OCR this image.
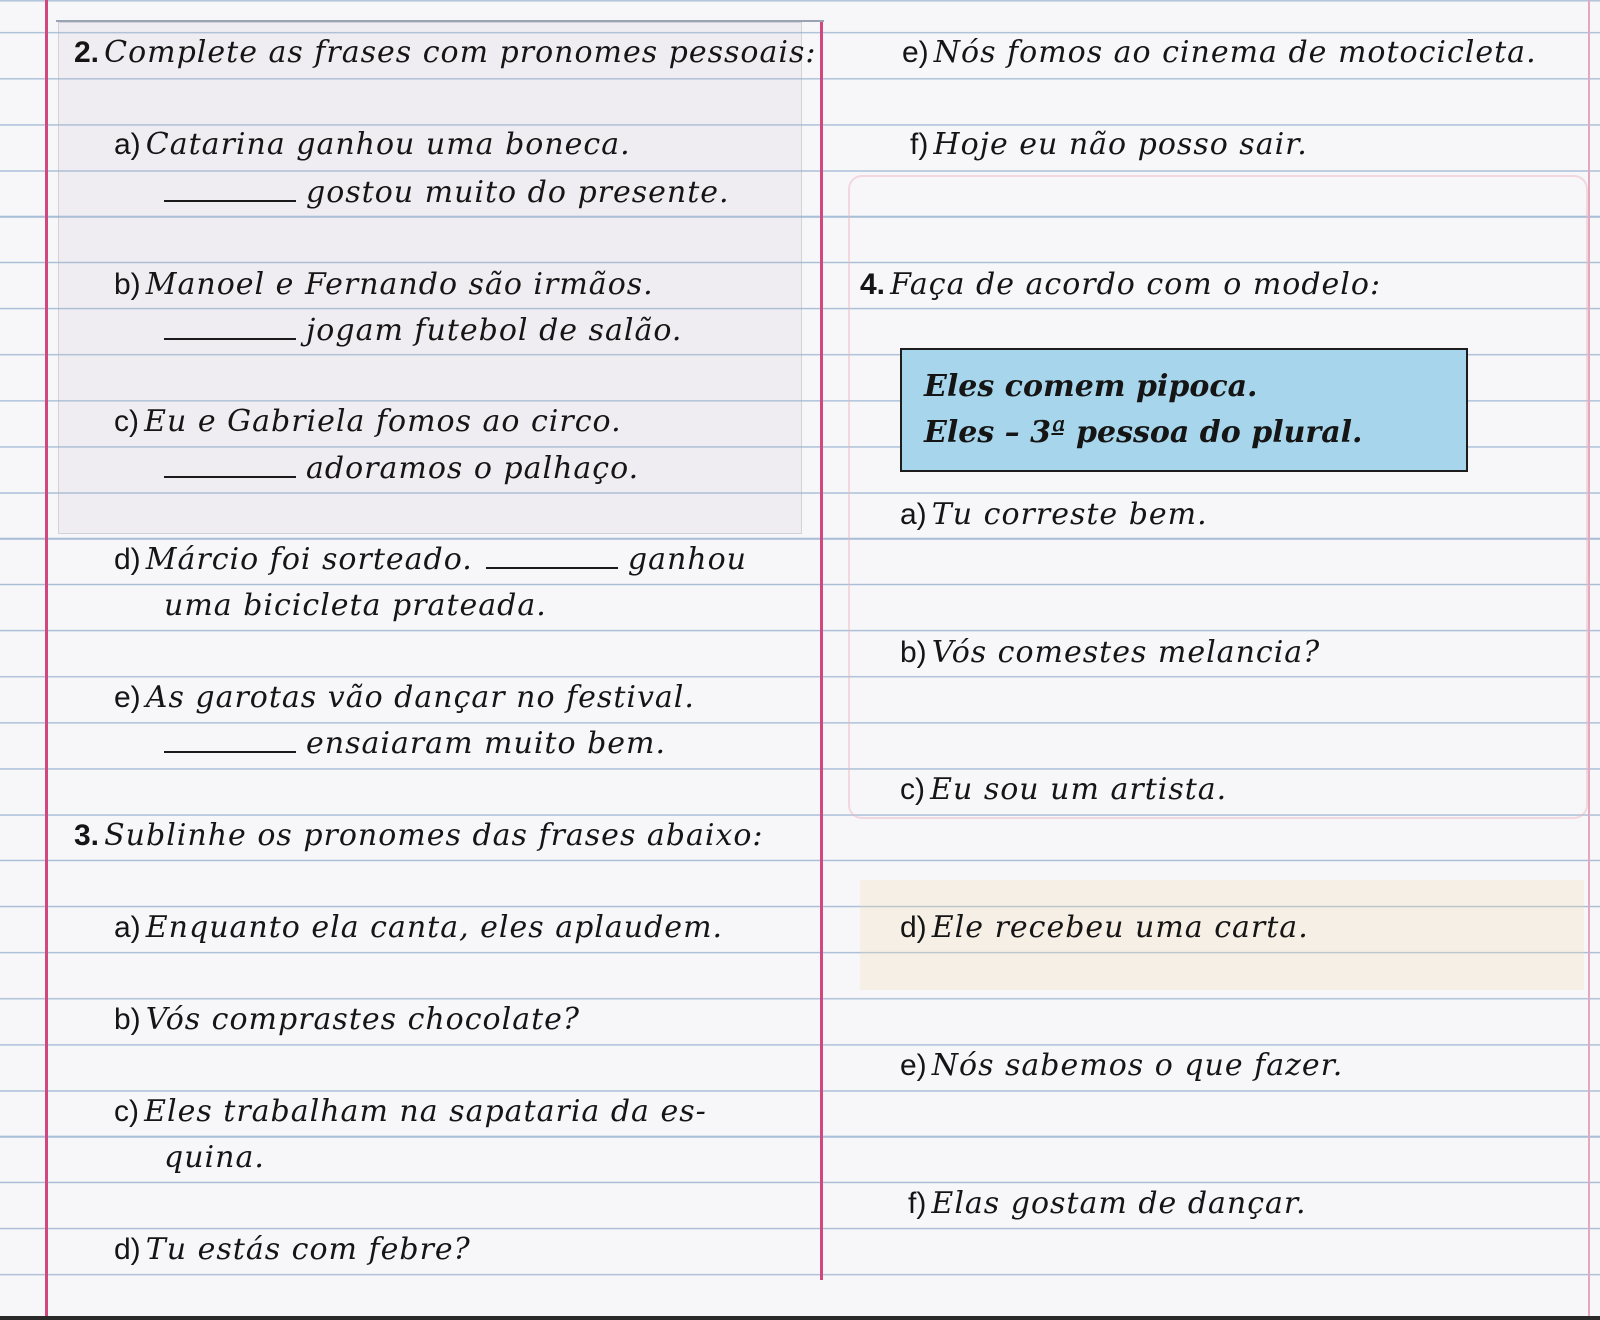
2. Complete as frases com pronomes pessoais:
a) Catarina ganhou uma boneca.
gostou muito do presente.
b) Manoel e Fernando são irmãos.
jogam futebol de salão.
c) Eu e Gabriela fomos ao circo.
adoramos o palhaço.
d) Márcio foi sorteado.	ganhou
uma bicicleta prateada.
e) As garotas vão dançar no festival.
ensaiaram muito bem.
3. Sublinhe os pronomes das frases abaixo:
a) Enquanto ela canta, eles aplaudem.
b) Vós comprastes chocolate?
c) Eles trabalham na sapataria da es-
quina.
d) Tu estás com febre?
e) Nós fomos ao cinema de motocicleta.
f) Hoje eu não posso sair.
4. Faça de acordo com o modelo:
Eles comem pipoca.
Eles – 3ª pessoa do plural.
a) Tu correste bem.
b) Vós comestes melancia?
c) Eu sou um artista.
d) Ele recebeu uma carta.
e) Nós sabemos o que fazer.
f) Elas gostam de dançar.
